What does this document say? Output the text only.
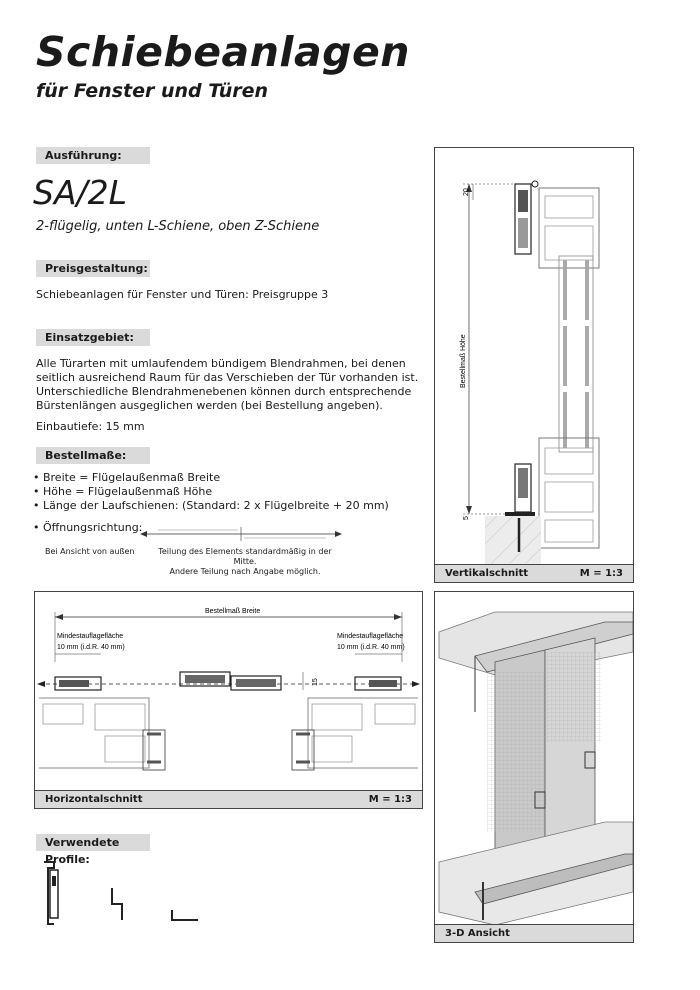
Schiebeanlagen
für Fenster und Türen
Ausführung:
SA/2L
2-flügelig, unten L-Schiene, oben Z-Schiene
Preisgestaltung:
Schiebeanlagen für Fenster und Türen: Preisgruppe 3
Einsatzgebiet:
Alle Türarten mit umlaufendem bündigem Blendrahmen, bei denen
seitlich ausreichend Raum für das Verschieben der Tür vorhanden ist.
Unterschiedliche Blendrahmenebenen können durch entsprechende
Bürstenlängen ausgeglichen werden (bei Bestellung angeben).
Einbautiefe: 15 mm
Bestellmaße:
• Breite = Flügelaußenmaß Breite
• Höhe = Flügelaußenmaß Höhe
• Länge der Laufschienen: (Standard: 2 x Flügelbreite + 20 mm)
• Öffnungsrichtung:
Bei Ansicht von außen	Teilung des Elements standardmäßig in der Mitte.
Andere Teilung nach Angabe möglich.
Bestellmaß Höhe
20
5
Vertikalschnitt	M = 1:3
Bestellmaß Breite
Mindestauflagefläche
10 mm (i.d.R. 40 mm)
Mindestauflagefläche
10 mm (i.d.R. 40 mm)
15
Horizontalschnitt	M = 1:3
3-D Ansicht
Verwendete Profile:
